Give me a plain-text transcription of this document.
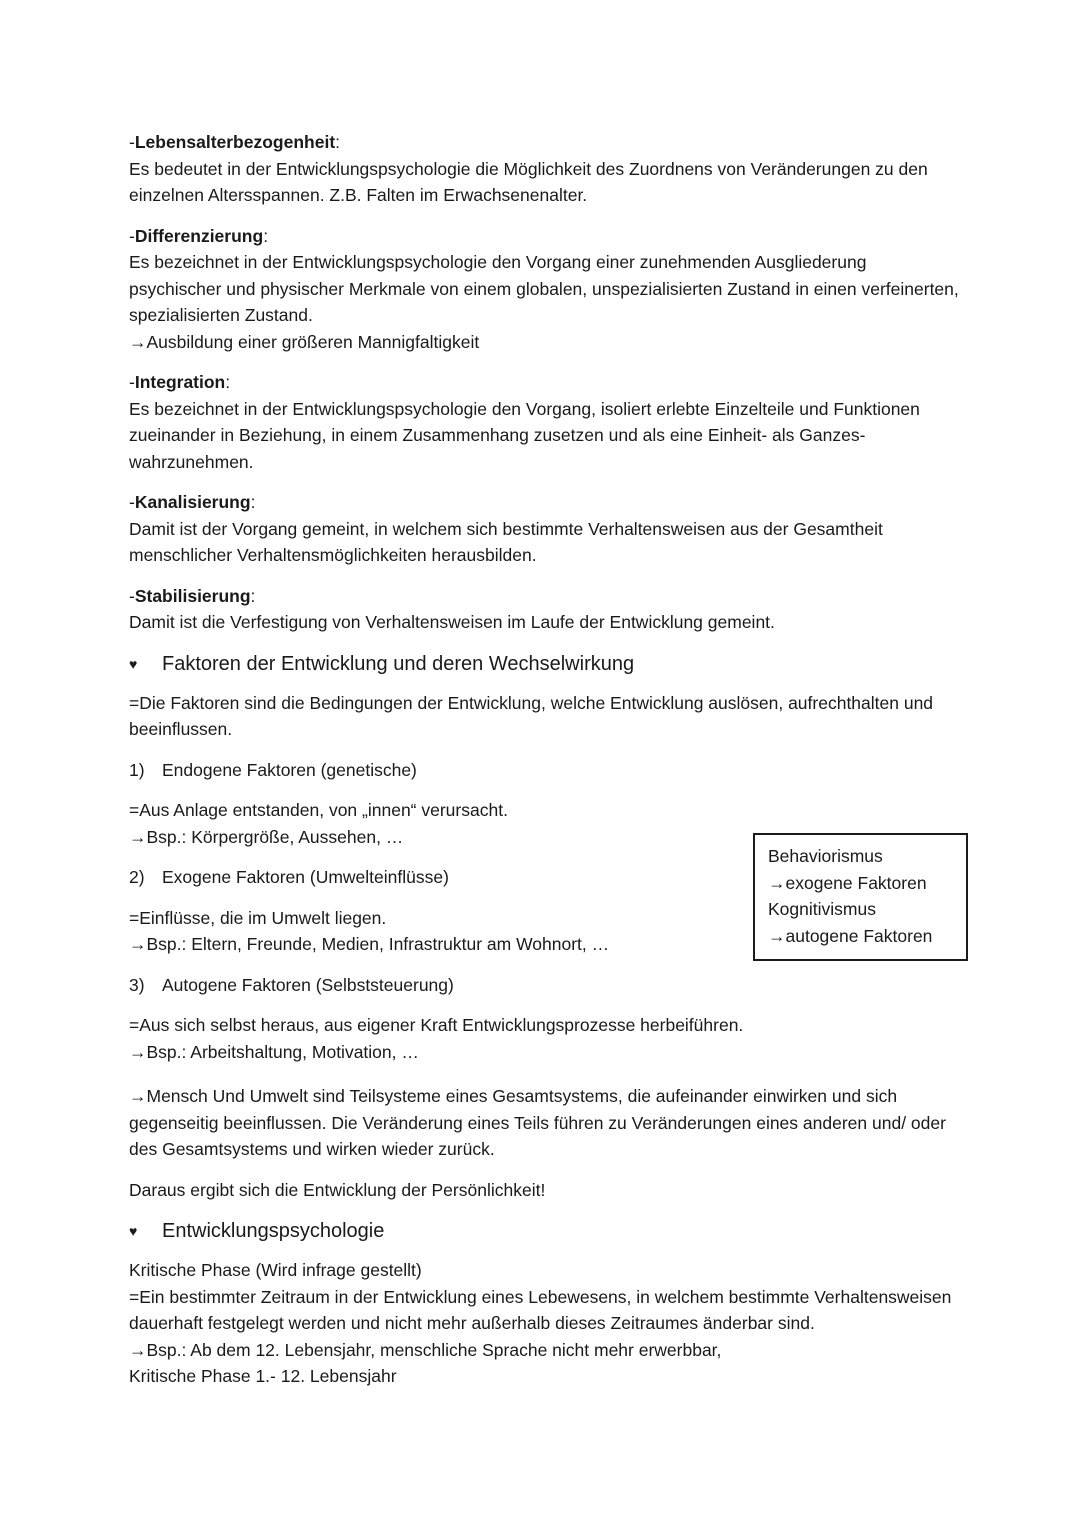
-Lebensalterbezogenheit:

Es bedeutet in der Entwicklungspsychologie die Möglichkeit des Zuordnens von Veränderungen zu den einzelnen Altersspannen. Z.B. Falten im Erwachsenenalter.

-Differenzierung:

Es bezeichnet in der Entwicklungspsychologie den Vorgang einer zunehmenden Ausgliederung psychischer und physischer Merkmale von einem globalen, unspezialisierten Zustand in einen verfeinerten, spezialisierten Zustand.

→Ausbildung einer größeren Mannigfaltigkeit

-Integration:

Es bezeichnet in der Entwicklungspsychologie den Vorgang, isoliert erlebte Einzelteile und Funktionen zueinander in Beziehung, in einem Zusammenhang zusetzen und als eine Einheit- als Ganzes- wahrzunehmen.

-Kanalisierung:

Damit ist der Vorgang gemeint, in welchem sich bestimmte Verhaltensweisen aus der Gesamtheit menschlicher Verhaltensmöglichkeiten herausbilden.

-Stabilisierung:

Damit ist die Verfestigung von Verhaltensweisen im Laufe der Entwicklung gemeint.

♥ Faktoren der Entwicklung und deren Wechselwirkung

=Die Faktoren sind die Bedingungen der Entwicklung, welche Entwicklung auslösen, aufrechthalten und beeinflussen.

1) Endogene Faktoren (genetische)

=Aus Anlage entstanden, von „innen“ verursacht.

→Bsp.: Körpergröße, Aussehen, …

2) Exogene Faktoren (Umwelteinflüsse)

=Einflüsse, die im Umwelt liegen.

→Bsp.: Eltern, Freunde, Medien, Infrastruktur am Wohnort, …

3) Autogene Faktoren (Selbststeuerung)

=Aus sich selbst heraus, aus eigener Kraft Entwicklungsprozesse herbeiführen.

→Bsp.: Arbeitshaltung, Motivation, …

→Mensch Und Umwelt sind Teilsysteme eines Gesamtsystems, die aufeinander einwirken und sich gegenseitig beeinflussen. Die Veränderung eines Teils führen zu Veränderungen eines anderen und/ oder des Gesamtsystems und wirken wieder zurück.

Daraus ergibt sich die Entwicklung der Persönlichkeit!

♥ Entwicklungspsychologie

Kritische Phase (Wird infrage gestellt)

=Ein bestimmter Zeitraum in der Entwicklung eines Lebewesens, in welchem bestimmte Verhaltensweisen dauerhaft festgelegt werden und nicht mehr außerhalb dieses Zeitraumes änderbar sind.

→Bsp.: Ab dem 12. Lebensjahr, menschliche Sprache nicht mehr erwerbbar,

Kritische Phase 1.- 12. Lebensjahr

Behaviorismus

→exogene Faktoren

Kognitivismus

→autogene Faktoren
